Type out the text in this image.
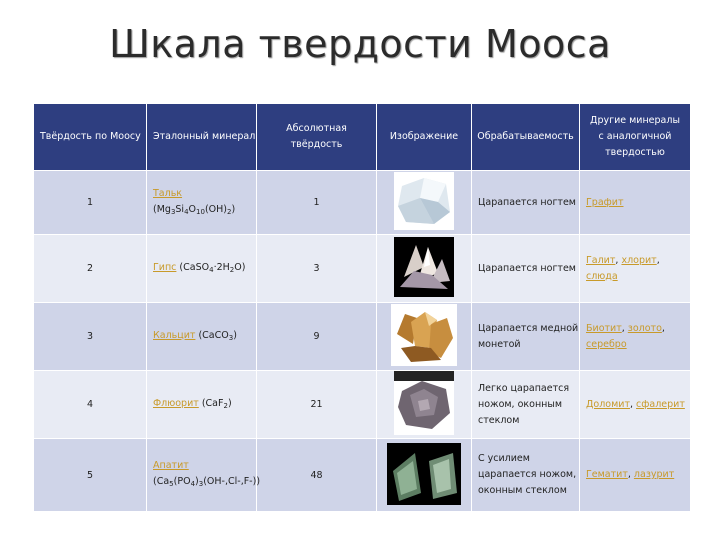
Шкала твердости Мооса
Твёрдость по Моосу	Эталонный минерал	Абсолютная твёрдость	Изображение	Обрабатываемость	Другие минералы с аналогичной твердостью

1	Тальк $(Mg_3Si_4O_{10}(OH)_2)$	1		Царапается ногтем	Графит
2	Гипс $(CaSO_4\cdot 2H_2O)$	3		Царапается ногтем	Галит, хлорит, слюда
3	Кальцит (CaCO$_3$)	9		Царапается медной монетой	Биотит, золото, серебро
4	Флюорит (CaF$_2$)	21		Легко царапается ножом, оконным стеклом	Доломит, сфалерит
5	Апатит $(Ca_5(PO_4)_3(OH-,Cl-,F-))$	48		С усилием царапается ножом, оконным стеклом	Гематит, лазурит
